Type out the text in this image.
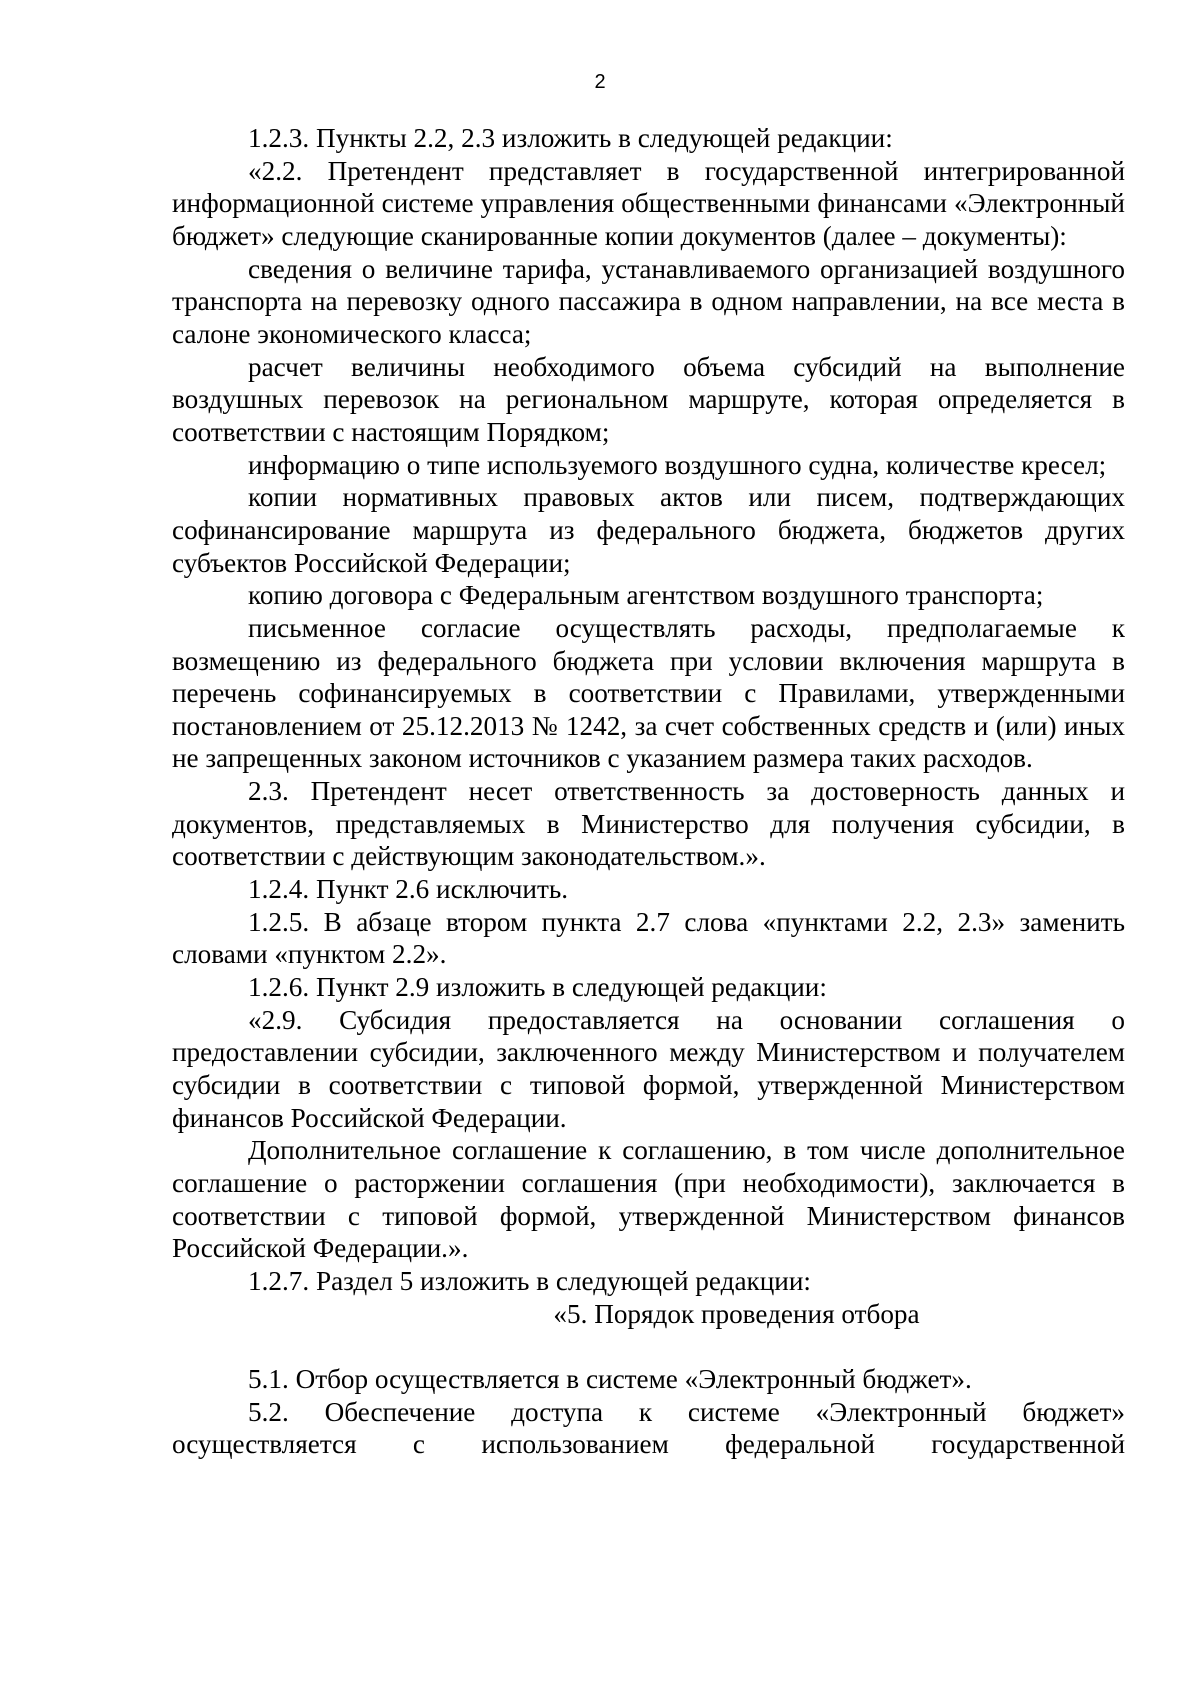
2

1.2.3. Пункты 2.2, 2.3 изложить в следующей редакции:

«2.2. Претендент представляет в государственной интегрированной информационной системе управления общественными финансами «Электронный бюджет» следующие сканированные копии документов (далее – документы):

сведения о величине тарифа, устанавливаемого организацией воздушного транспорта на перевозку одного пассажира в одном направлении, на все места в салоне экономического класса;

расчет величины необходимого объема субсидий на выполнение воздушных перевозок на региональном маршруте, которая определяется в соответствии с настоящим Порядком;

информацию о типе используемого воздушного судна, количестве кресел;

копии нормативных правовых актов или писем, подтверждающих софинансирование маршрута из федерального бюджета, бюджетов других субъектов Российской Федерации;

копию договора с Федеральным агентством воздушного транспорта;

письменное согласие осуществлять расходы, предполагаемые к возмещению из федерального бюджета при условии включения маршрута в перечень софинансируемых в соответствии с Правилами, утвержденными постановлением от 25.12.2013 № 1242, за счет собственных средств и (или) иных не запрещенных законом источников с указанием размера таких расходов.

2.3. Претендент несет ответственность за достоверность данных и документов, представляемых в Министерство для получения субсидии, в соответствии с действующим законодательством.».

1.2.4. Пункт 2.6 исключить.

1.2.5. В абзаце втором пункта 2.7 слова «пунктами 2.2, 2.3» заменить словами «пунктом 2.2».

1.2.6. Пункт 2.9 изложить в следующей редакции:

«2.9. Субсидия предоставляется на основании соглашения о предоставлении субсидии, заключенного между Министерством и получателем субсидии в соответствии с типовой формой, утвержденной Министерством финансов Российской Федерации.

Дополнительное соглашение к соглашению, в том числе дополнительное соглашение о расторжении соглашения (при необходимости), заключается в соответствии с типовой формой, утвержденной Министерством финансов Российской Федерации.».

1.2.7. Раздел 5 изложить в следующей редакции:

«5. Порядок проведения отбора

5.1. Отбор осуществляется в системе «Электронный бюджет».

5.2. Обеспечение доступа к системе «Электронный бюджет» осуществляется с использованием федеральной государственной
